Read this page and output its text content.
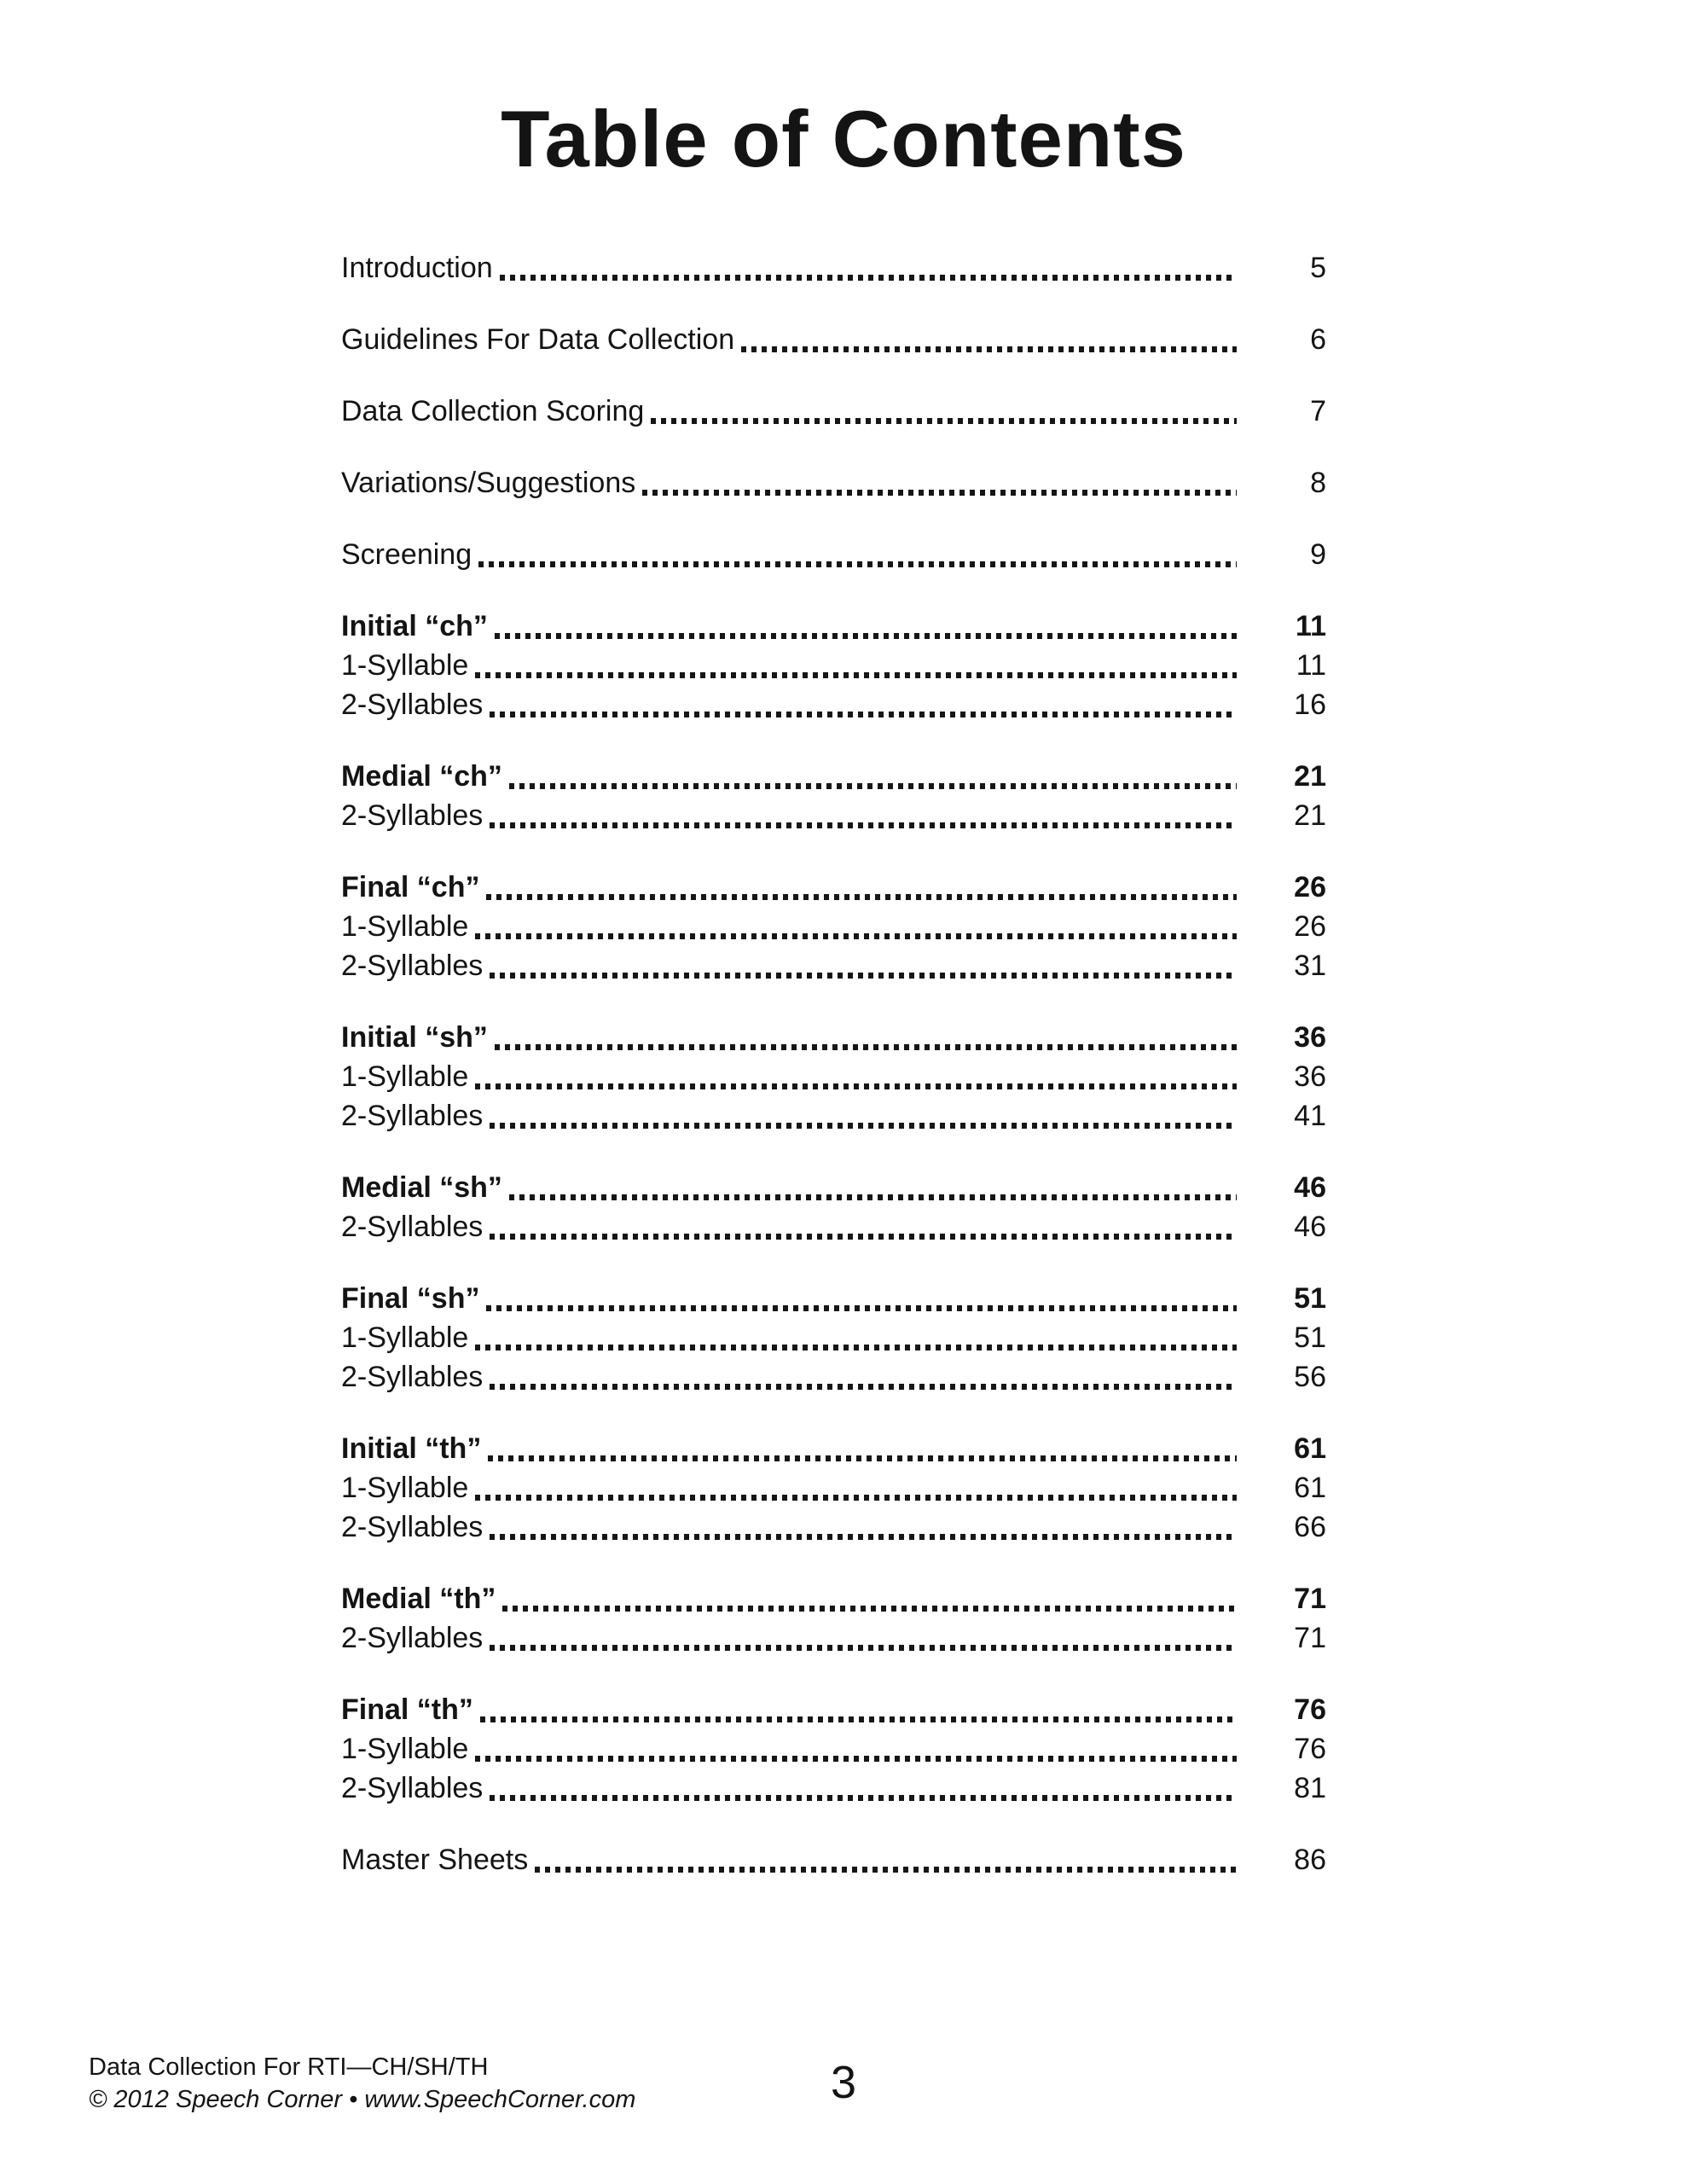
Table of Contents
Introduction	5
Guidelines For Data Collection	6
Data Collection Scoring	7
Variations/Suggestions	8
Screening	9
Initial “ch”	11
1-Syllable	11
2-Syllables	16
Medial “ch”	21
2-Syllables	21
Final “ch”	26
1-Syllable	26
2-Syllables	31
Initial “sh”	36
1-Syllable	36
2-Syllables	41
Medial “sh”	46
2-Syllables	46
Final “sh”	51
1-Syllable	51
2-Syllables	56
Initial “th”	61
1-Syllable	61
2-Syllables	66
Medial “th”	71
2-Syllables	71
Final “th”	76
1-Syllable	76
2-Syllables	81
Master Sheets	86
Data Collection For RTI—CH/SH/TH
© 2012 Speech Corner • www.SpeechCorner.com	3
